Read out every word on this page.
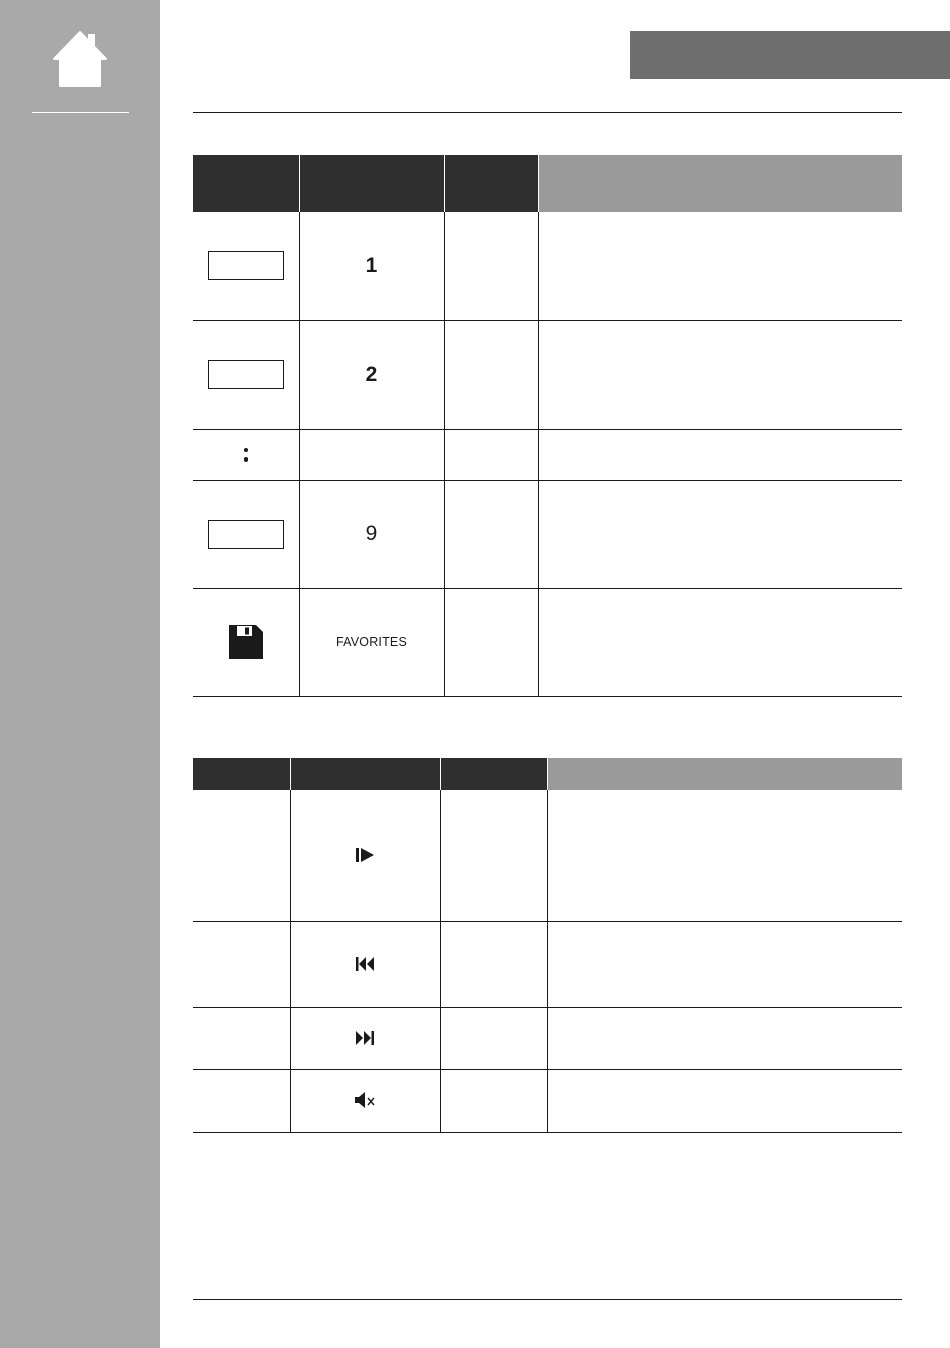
	1		
	2		

	9		
	FAVORITES		
